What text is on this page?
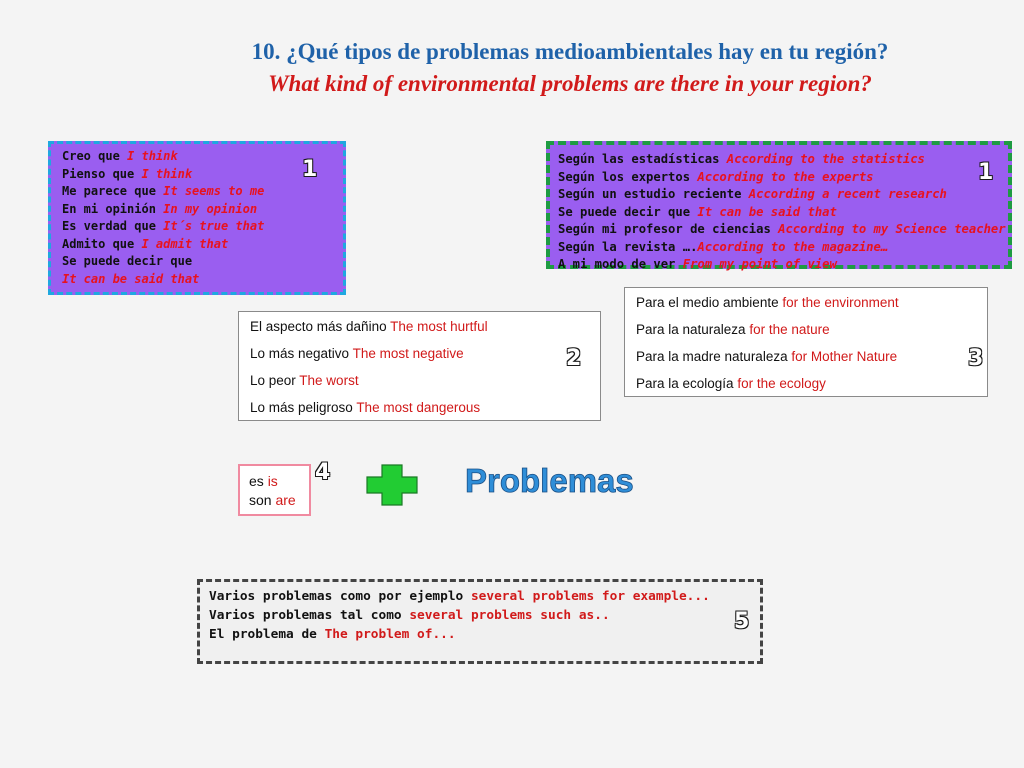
10. ¿Qué tipos de problemas medioambientales hay en tu región?
What kind of environmental problems are there in your region?
Creo que I think
Pienso que I think
Me parece que It seems to me
En mi opinión In my opinion
Es verdad que It´s true that
Admito que I admit that
Se puede decir que
It can be said that
1	Según las estadísticas According to the statistics
Según los expertos According to the experts
Según un estudio reciente According a recent research
Se puede decir que It can be said that
Según mi profesor de ciencias According to my Science teacher
Según la revista ….According to the magazine…
A mi modo de ver From my point of view
1
El aspecto más dañino The most hurtful
Lo más negativo The most negative
Lo peor The worst
Lo más peligroso The most dangerous
2
Para el medio ambiente for the environment
Para la naturaleza for the nature
Para la madre naturaleza for Mother Nature
Para la ecología for the ecology
3
es is
son are
4	Problemas
Varios problemas como por ejemplo several problems for example...
Varios problemas tal como several problems such as..
El problema de The problem of...
5
